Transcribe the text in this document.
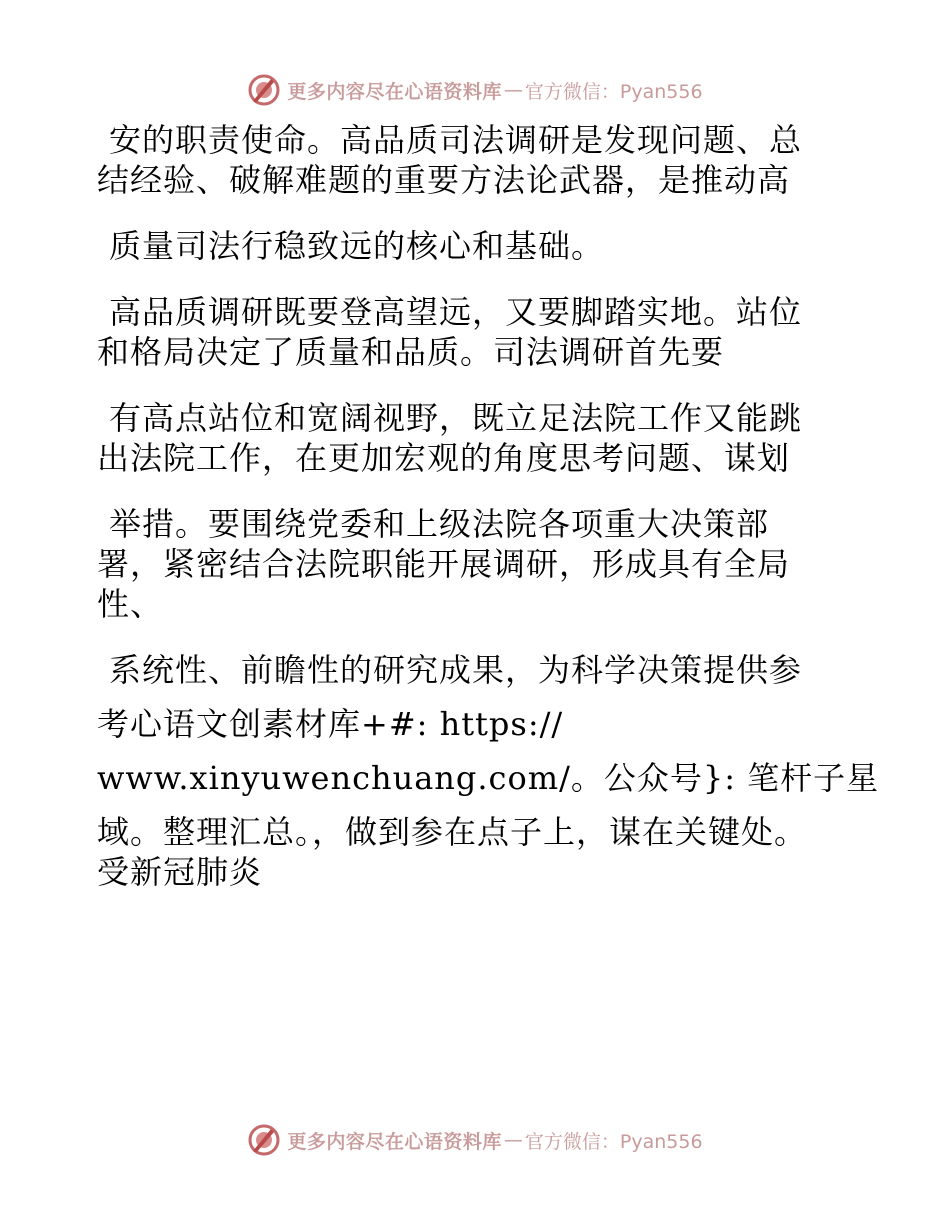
更多内容尽在心语资料库 — 官方微信：Pyan556
安的职责使命。高品质司法调研是发现问题、总
结经验、破解难题的重要方法论武器，是推动高
质量司法行稳致远的核心和基础。
高品质调研既要登高望远，又要脚踏实地。站位
和格局决定了质量和品质。司法调研首先要
有高点站位和宽阔视野，既立足法院工作又能跳
出法院工作，在更加宏观的角度思考问题、谋划
举措。要围绕党委和上级法院各项重大决策部
署，紧密结合法院职能开展调研，形成具有全局
性、
系统性、前瞻性的研究成果，为科学决策提供参
考心语文创素材库+#: https://
www.xinyuwenchuang.com/。公众号}: 笔杆子星
域。整理汇总。，做到参在点子上，谋在关键处。
受新冠肺炎
更多内容尽在心语资料库 — 官方微信：Pyan556
